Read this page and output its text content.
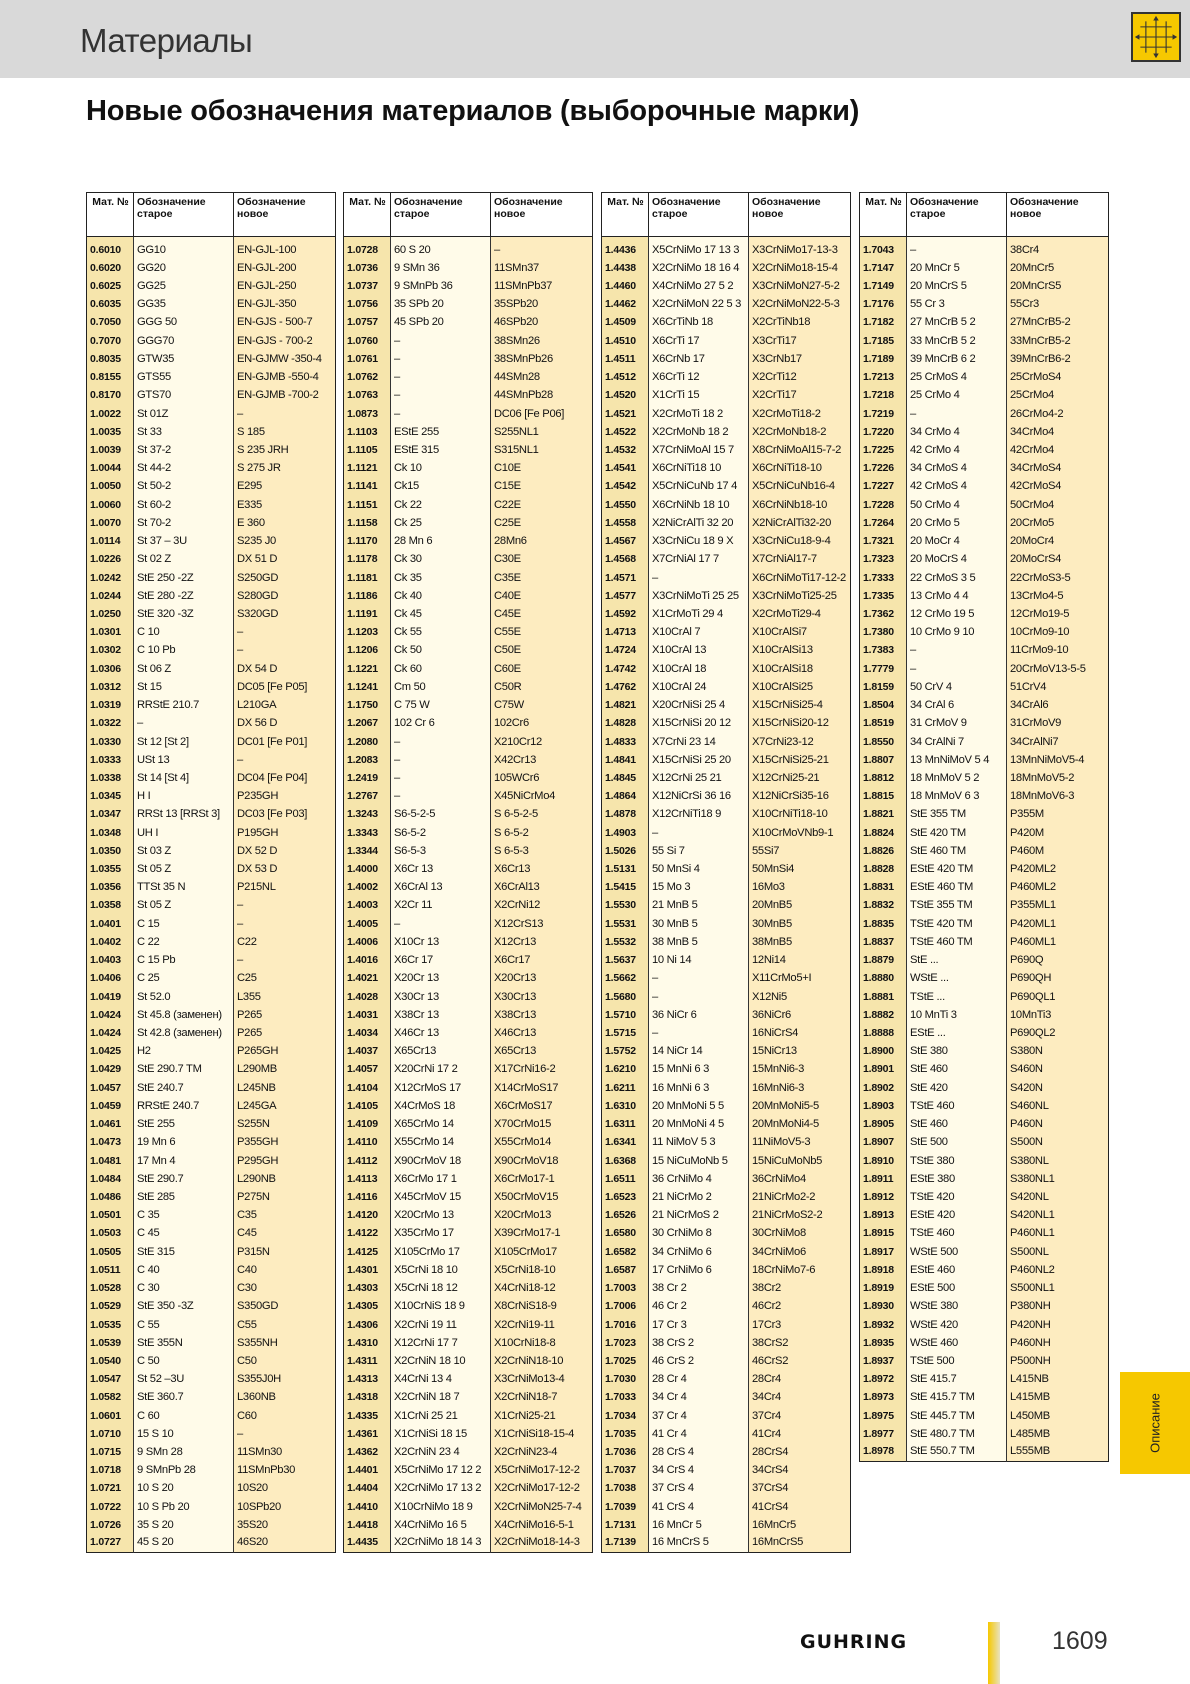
Материалы
Новые обозначения материалов (выборочные марки)
Мат. №	Обозначение старое	Обозначение новое
0.6010	GG10	EN-GJL-100
0.6020	GG20	EN-GJL-200
0.6025	GG25	EN-GJL-250
0.6035	GG35	EN-GJL-350
0.7050	GGG 50	EN-GJS - 500-7
0.7070	GGG70	EN-GJS - 700-2
0.8035	GTW35	EN-GJMW -350-4
0.8155	GTS55	EN-GJMB -550-4
0.8170	GTS70	EN-GJMB -700-2
1.0022	St 01Z	–
1.0035	St 33	S 185
1.0039	St 37-2	S 235 JRH
1.0044	St 44-2	S 275 JR
1.0050	St 50-2	E295
1.0060	St 60-2	E335
1.0070	St 70-2	E 360
1.0114	St 37 – 3U	S235 J0
1.0226	St 02 Z	DX 51 D
1.0242	StE 250 -2Z	S250GD
1.0244	StE 280 -2Z	S280GD
1.0250	StE 320 -3Z	S320GD
1.0301	C 10	–
1.0302	C 10 Pb	–
1.0306	St 06 Z	DX 54 D
1.0312	St 15	DC05 [Fe P05]
1.0319	RRStE 210.7	L210GA
1.0322	–	DX 56 D
1.0330	St 12 [St 2]	DC01 [Fe P01]
1.0333	USt 13	–
1.0338	St 14 [St 4]	DC04 [Fe P04]
1.0345	H I	P235GH
1.0347	RRSt 13 [RRSt 3]	DC03 [Fe P03]
1.0348	UH I	P195GH
1.0350	St 03 Z	DX 52 D
1.0355	St 05 Z	DX 53 D
1.0356	TTSt 35 N	P215NL
1.0358	St 05 Z	–
1.0401	C 15	–
1.0402	C 22	C22
1.0403	C 15 Pb	–
1.0406	C 25	C25
1.0419	St 52.0	L355
1.0424	St 45.8 (заменен)	P265
1.0424	St 42.8 (заменен)	P265
1.0425	H2	P265GH
1.0429	StE 290.7 TM	L290MB
1.0457	StE 240.7	L245NB
1.0459	RRStE 240.7	L245GA
1.0461	StE 255	S255N
1.0473	19 Mn 6	P355GH
1.0481	17 Mn 4	P295GH
1.0484	StE 290.7	L290NB
1.0486	StE 285	P275N
1.0501	C 35	C35
1.0503	C 45	C45
1.0505	StE 315	P315N
1.0511	C 40	C40
1.0528	C 30	C30
1.0529	StE 350 -3Z	S350GD
1.0535	C 55	C55
1.0539	StE 355N	S355NH
1.0540	C 50	C50
1.0547	St 52 –3U	S355J0H
1.0582	StE 360.7	L360NB
1.0601	C 60	C60
1.0710	15 S 10	–
1.0715	9 SMn 28	11SMn30
1.0718	9 SMnPb 28	11SMnPb30
1.0721	10 S 20	10S20
1.0722	10 S Pb 20	10SPb20
1.0726	35 S 20	35S20
1.0727	45 S 20	46S20
Мат. №	Обозначение старое	Обозначение новое
1.0728	60 S 20	–
1.0736	9 SMn 36	11SMn37
1.0737	9 SMnPb 36	11SMnPb37
1.0756	35 SPb 20	35SPb20
1.0757	45 SPb 20	46SPb20
1.0760	–	38SMn26
1.0761	–	38SMnPb26
1.0762	–	44SMn28
1.0763	–	44SMnPb28
1.0873	–	DC06 [Fe P06]
1.1103	EStE 255	S255NL1
1.1105	EStE 315	S315NL1
1.1121	Ck 10	C10E
1.1141	Ck15	C15E
1.1151	Ck 22	C22E
1.1158	Ck 25	C25E
1.1170	28 Mn 6	28Mn6
1.1178	Ck 30	C30E
1.1181	Ck 35	C35E
1.1186	Ck 40	C40E
1.1191	Ck 45	C45E
1.1203	Ck 55	C55E
1.1206	Ck 50	C50E
1.1221	Ck 60	C60E
1.1241	Cm 50	C50R
1.1750	C 75 W	C75W
1.2067	102 Cr 6	102Cr6
1.2080	–	X210Cr12
1.2083	–	X42Cr13
1.2419	–	105WCr6
1.2767	–	X45NiCrMo4
1.3243	S6-5-2-5	S 6-5-2-5
1.3343	S6-5-2	S 6-5-2
1.3344	S6-5-3	S 6-5-3
1.4000	X6Cr 13	X6Cr13
1.4002	X6CrAl 13	X6CrAl13
1.4003	X2Cr 11	X2CrNi12
1.4005	–	X12CrS13
1.4006	X10Cr 13	X12Cr13
1.4016	X6Cr 17	X6Cr17
1.4021	X20Cr 13	X20Cr13
1.4028	X30Cr 13	X30Cr13
1.4031	X38Cr 13	X38Cr13
1.4034	X46Cr 13	X46Cr13
1.4037	X65Cr13	X65Cr13
1.4057	X20CrNi 17 2	X17CrNi16-2
1.4104	X12CrMoS 17	X14CrMoS17
1.4105	X4CrMoS 18	X6CrMoS17
1.4109	X65CrMo 14	X70CrMo15
1.4110	X55CrMo 14	X55CrMo14
1.4112	X90CrMoV 18	X90CrMoV18
1.4113	X6CrMo 17 1	X6CrMo17-1
1.4116	X45CrMoV 15	X50CrMoV15
1.4120	X20CrMo 13	X20CrMo13
1.4122	X35CrMo 17	X39CrMo17-1
1.4125	X105CrMo 17	X105CrMo17
1.4301	X5CrNi 18 10	X5CrNi18-10
1.4303	X5CrNi 18 12	X4CrNi18-12
1.4305	X10CrNiS 18 9	X8CrNiS18-9
1.4306	X2CrNi 19 11	X2CrNi19-11
1.4310	X12CrNi 17 7	X10CrNi18-8
1.4311	X2CrNiN 18 10	X2CrNiN18-10
1.4313	X4CrNi 13 4	X3CrNiMo13-4
1.4318	X2CrNiN 18 7	X2CrNiN18-7
1.4335	X1CrNi 25 21	X1CrNi25-21
1.4361	X1CrNiSi 18 15	X1CrNiSi18-15-4
1.4362	X2CrNiN 23 4	X2CrNiN23-4
1.4401	X5CrNiMo 17 12 2	X5CrNiMo17-12-2
1.4404	X2CrNiMo 17 13 2	X2CrNiMo17-12-2
1.4410	X10CrNiMo 18 9	X2CrNiMoN25-7-4
1.4418	X4CrNiMo 16 5	X4CrNiMo16-5-1
1.4435	X2CrNiMo 18 14 3	X2CrNiMo18-14-3
Мат. №	Обозначение старое	Обозначение новое
1.4436	X5CrNiMo 17 13 3	X3CrNiMo17-13-3
1.4438	X2CrNiMo 18 16 4	X2CrNiMo18-15-4
1.4460	X4CrNiMo 27 5 2	X3CrNiMoN27-5-2
1.4462	X2CrNiMoN 22 5 3	X2CrNiMoN22-5-3
1.4509	X6CrTiNb 18	X2CrTiNb18
1.4510	X6CrTi 17	X3CrTi17
1.4511	X6CrNb 17	X3CrNb17
1.4512	X6CrTi 12	X2CrTi12
1.4520	X1CrTi 15	X2CrTi17
1.4521	X2CrMoTi 18 2	X2CrMoTi18-2
1.4522	X2CrMoNb 18 2	X2CrMoNb18-2
1.4532	X7CrNiMoAl 15 7	X8CrNiMoAl15-7-2
1.4541	X6CrNiTi18 10	X6CrNiTi18-10
1.4542	X5CrNiCuNb 17 4	X5CrNiCuNb16-4
1.4550	X6CrNiNb 18 10	X6CrNiNb18-10
1.4558	X2NiCrAlTi 32 20	X2NiCrAlTi32-20
1.4567	X3CrNiCu 18 9 X	X3CrNiCu18-9-4
1.4568	X7CrNiAl 17 7	X7CrNiAl17-7
1.4571	–	X6CrNiMoTi17-12-2
1.4577	X3CrNiMoTi 25 25	X3CrNiMoTi25-25
1.4592	X1CrMoTi 29 4	X2CrMoTi29-4
1.4713	X10CrAl 7	X10CrAlSi7
1.4724	X10CrAl 13	X10CrAlSi13
1.4742	X10CrAl 18	X10CrAlSi18
1.4762	X10CrAl 24	X10CrAlSi25
1.4821	X20CrNiSi 25 4	X15CrNiSi25-4
1.4828	X15CrNiSi 20 12	X15CrNiSi20-12
1.4833	X7CrNi 23 14	X7CrNi23-12
1.4841	X15CrNiSi 25 20	X15CrNiSi25-21
1.4845	X12CrNi 25 21	X12CrNi25-21
1.4864	X12NiCrSi 36 16	X12NiCrSi35-16
1.4878	X12CrNiTi18 9	X10CrNiTi18-10
1.4903	–	X10CrMoVNb9-1
1.5026	55 Si 7	55Si7
1.5131	50 MnSi 4	50MnSi4
1.5415	15 Mo 3	16Mo3
1.5530	21 MnB 5	20MnB5
1.5531	30 MnB 5	30MnB5
1.5532	38 MnB 5	38MnB5
1.5637	10 Ni 14	12Ni14
1.5662	–	X11CrMo5+I
1.5680	–	X12Ni5
1.5710	36 NiCr 6	36NiCr6
1.5715	–	16NiCrS4
1.5752	14 NiCr 14	15NiCr13
1.6210	15 MnNi 6 3	15MnNi6-3
1.6211	16 MnNi 6 3	16MnNi6-3
1.6310	20 MnMoNi 5 5	20MnMoNi5-5
1.6311	20 MnMoNi 4 5	20MnMoNi4-5
1.6341	11 NiMoV 5 3	11NiMoV5-3
1.6368	15 NiCuMoNb 5	15NiCuMoNb5
1.6511	36 CrNiMo 4	36CrNiMo4
1.6523	21 NiCrMo 2	21NiCrMo2-2
1.6526	21 NiCrMoS 2	21NiCrMoS2-2
1.6580	30 CrNiMo 8	30CrNiMo8
1.6582	34 CrNiMo 6	34CrNiMo6
1.6587	17 CrNiMo 6	18CrNiMo7-6
1.7003	38 Cr 2	38Cr2
1.7006	46 Cr 2	46Cr2
1.7016	17 Cr 3	17Cr3
1.7023	38 CrS 2	38CrS2
1.7025	46 CrS 2	46CrS2
1.7030	28 Cr 4	28Cr4
1.7033	34 Cr 4	34Cr4
1.7034	37 Cr 4	37Cr4
1.7035	41 Cr 4	41Cr4
1.7036	28 CrS 4	28CrS4
1.7037	34 CrS 4	34CrS4
1.7038	37 CrS 4	37CrS4
1.7039	41 CrS 4	41CrS4
1.7131	16 MnCr 5	16MnCr5
1.7139	16 MnCrS 5	16MnCrS5
Мат. №	Обозначение старое	Обозначение новое
1.7043	–	38Cr4
1.7147	20 MnCr 5	20MnCr5
1.7149	20 MnCrS 5	20MnCrS5
1.7176	55 Cr 3	55Cr3
1.7182	27 MnCrB 5 2	27MnCrB5-2
1.7185	33 MnCrB 5 2	33MnCrB5-2
1.7189	39 MnCrB 6 2	39MnCrB6-2
1.7213	25 CrMoS 4	25CrMoS4
1.7218	25 CrMo 4	25CrMo4
1.7219	–	26CrMo4-2
1.7220	34 CrMo 4	34CrMo4
1.7225	42 CrMo 4	42CrMo4
1.7226	34 CrMoS 4	34CrMoS4
1.7227	42 CrMoS 4	42CrMoS4
1.7228	50 CrMo 4	50CrMo4
1.7264	20 CrMo 5	20CrMo5
1.7321	20 MoCr 4	20MoCr4
1.7323	20 MoCrS 4	20MoCrS4
1.7333	22 CrMoS 3 5	22CrMoS3-5
1.7335	13 CrMo 4 4	13CrMo4-5
1.7362	12 CrMo 19 5	12CrMo19-5
1.7380	10 CrMo 9 10	10CrMo9-10
1.7383	–	11CrMo9-10
1.7779	–	20CrMoV13-5-5
1.8159	50 CrV 4	51CrV4
1.8504	34 CrAl 6	34CrAl6
1.8519	31 CrMoV 9	31CrMoV9
1.8550	34 CrAlNi 7	34CrAlNi7
1.8807	13 MnNiMoV 5 4	13MnNiMoV5-4
1.8812	18 MnMoV 5 2	18MnMoV5-2
1.8815	18 MnMoV 6 3	18MnMoV6-3
1.8821	StE 355 TM	P355M
1.8824	StE 420 TM	P420M
1.8826	StE 460 TM	P460M
1.8828	EStE 420 TM	P420ML2
1.8831	EStE 460 TM	P460ML2
1.8832	TStE 355 TM	P355ML1
1.8835	TStE 420 TM	P420ML1
1.8837	TStE 460 TM	P460ML1
1.8879	StE ...	P690Q
1.8880	WStE ...	P690QH
1.8881	TStE ...	P690QL1
1.8882	10 MnTi 3	10MnTi3
1.8888	EStE ...	P690QL2
1.8900	StE 380	S380N
1.8901	StE 460	S460N
1.8902	StE 420	S420N
1.8903	TStE 460	S460NL
1.8905	StE 460	P460N
1.8907	StE 500	S500N
1.8910	TStE 380	S380NL
1.8911	EStE 380	S380NL1
1.8912	TStE 420	S420NL
1.8913	EStE 420	S420NL1
1.8915	TStE 460	P460NL1
1.8917	WStE 500	S500NL
1.8918	EStE 460	P460NL2
1.8919	EStE 500	S500NL1
1.8930	WStE 380	P380NH
1.8932	WStE 420	P420NH
1.8935	WStE 460	P460NH
1.8937	TStE 500	P500NH
1.8972	StE 415.7	L415NB
1.8973	StE 415.7 TM	L415MB
1.8975	StE 445.7 TM	L450MB
1.8977	StE 480.7 TM	L485MB
1.8978	StE 550.7 TM	L555MB	Описание
GUHRING	1609
